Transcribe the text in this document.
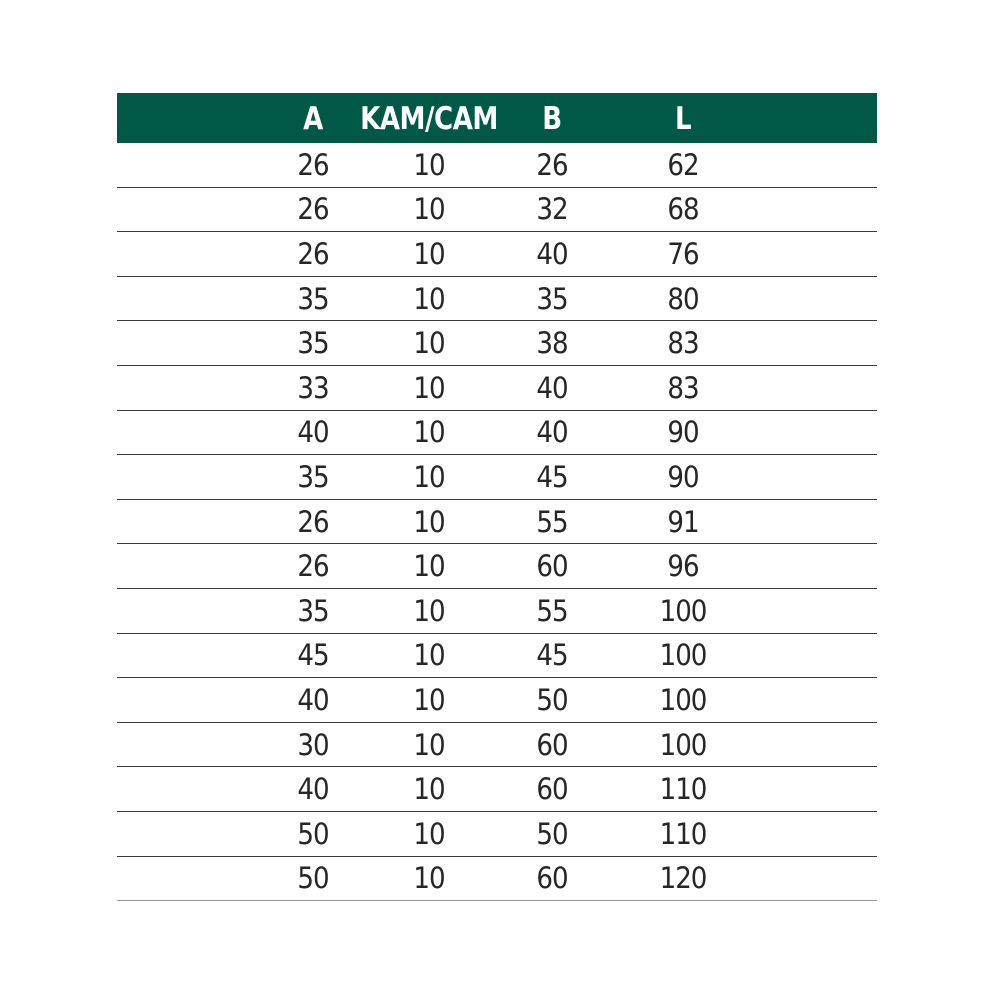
A KAM/CAM B	L
26	10	26	62
26	10	32	68
26	10	40	76
35	10	35	80
35	10	38	83
33	10	40	83
40	10	40	90
35	10	45	90
26	10	55	91
26	10	60	96
35	10	55	100
45	10	45	100
40	10	50	100
30	10	60	100
40	10	60	110
50	10	50	110
50	10	60	120
